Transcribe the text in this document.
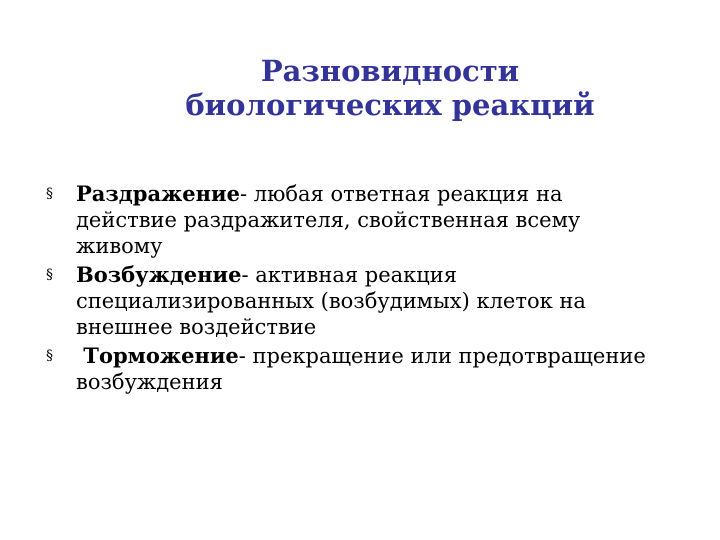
Разновидности
биологических реакций
§ Раздражение- любая ответная реакция на действие раздражителя, свойственная всему живому
§ Возбуждение- активная реакция специализированных (возбудимых) клеток на внешнее воздействие
§ Торможение- прекращение или предотвращение возбуждения
